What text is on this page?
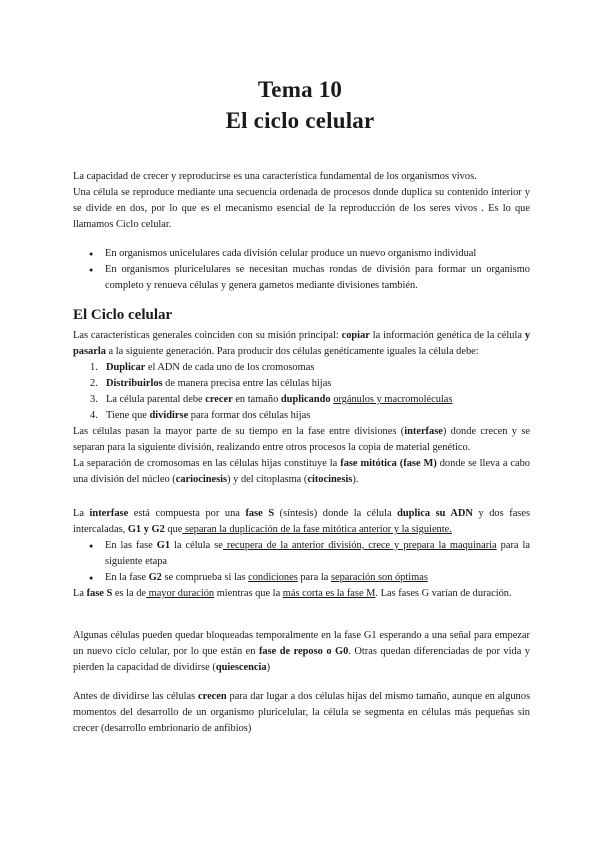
Tema 10
El ciclo celular

La capacidad de crecer y reproducirse es una característica fundamental de los organismos vivos.

Una célula se reproduce mediante una secuencia ordenada de procesos donde duplica su contenido interior y se divide en dos, por lo que es el mecanismo esencial de la reproducción de los seres vivos . Es lo que llamamos Ciclo celular.

● En organismos unicelulares cada división celular produce un nuevo organismo individual
● En organismos pluricelulares se necesitan muchas rondas de división para formar un organismo completo y renueva células y genera gametos mediante divisiones también.
El Ciclo celular

Las características generales coinciden con su misión principal: copiar la información genética de la célula y pasarla a la siguiente generación. Para producir dos células genéticamente iguales la célula debe:

1. Duplicar el ADN de cada uno de los cromosomas
2. Distribuirlos de manera precisa entre las células hijas
3. La célula parental debe crecer en tamaño duplicando orgánulos y macromoléculas
4. Tiene que dividirse para formar dos células hijas

Las células pasan la mayor parte de su tiempo en la fase entre divisiones (interfase) donde crecen y se separan para la siguiente división, realizando entre otros procesos la copia de material genético.

La separación de cromosomas en las células hijas constituye la fase mitótica (fase M) donde se lleva a cabo una división del núcleo (cariocinesis) y del citoplasma (citocinesis).

La interfase está compuesta por una fase S (síntesis) donde la célula duplica su ADN y dos fases intercaladas, G1 y G2 que separan la duplicación de la fase mitótica anterior y la siguiente.

● En las fase G1 la célula se recupera de la anterior división, crece y prepara la maquinaria para la siguiente etapa
● En la fase G2 se comprueba si las condiciones para la separación son óptimas

La fase S es la de mayor duración mientras que la más corta es la fase M. Las fases G varían de duración.

Algunas células pueden quedar bloqueadas temporalmente en la fase G1 esperando a una señal para empezar un nuevo ciclo celular, por lo que están en fase de reposo o G0. Otras quedan diferenciadas de por vida y pierden la capacidad de dividirse (quiescencia)

Antes de dividirse las células crecen para dar lugar a dos células hijas del mismo tamaño, aunque en algunos momentos del desarrollo de un organismo pluricelular, la célula se segmenta en células más pequeñas sin crecer (desarrollo embrionario de anfibios)
